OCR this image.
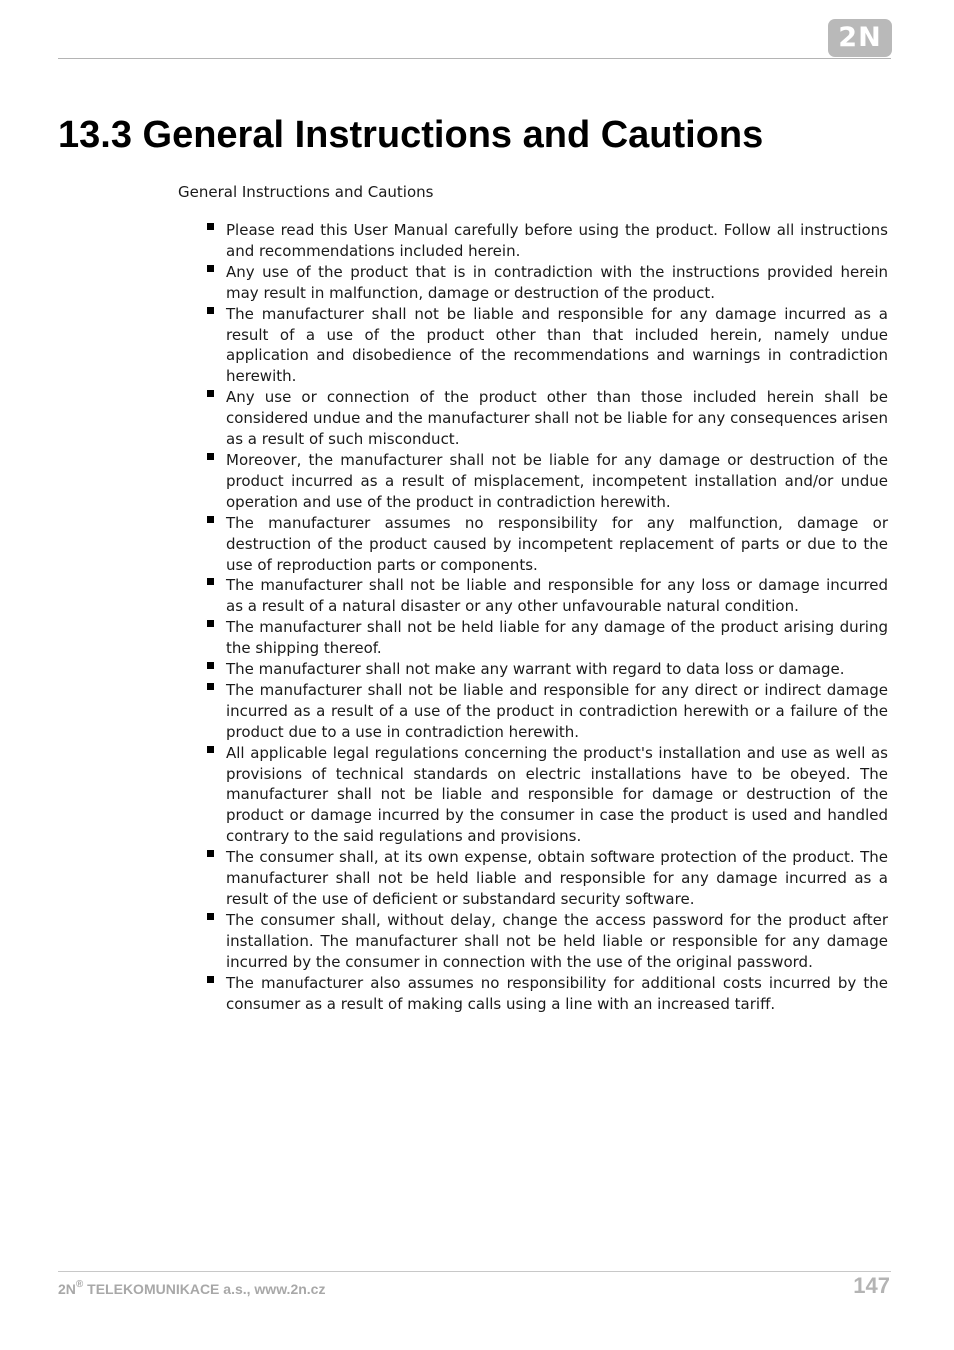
2N
13.3 General Instructions and Cautions

General Instructions and Cautions

Please read this User Manual carefully before using the product. Follow all instructions and recommendations included herein.
Any use of the product that is in contradiction with the instructions provided herein may result in malfunction, damage or destruction of the product.
The manufacturer shall not be liable and responsible for any damage incurred as a result of a use of the product other than that included herein, namely undue application and disobedience of the recommendations and warnings in contradiction herewith.
Any use or connection of the product other than those included herein shall be considered undue and the manufacturer shall not be liable for any consequences arisen as a result of such misconduct.
Moreover, the manufacturer shall not be liable for any damage or destruction of the product incurred as a result of misplacement, incompetent installation and/or undue operation and use of the product in contradiction herewith.
The manufacturer assumes no responsibility for any malfunction, damage or destruction of the product caused by incompetent replacement of parts or due to the use of reproduction parts or components.
The manufacturer shall not be liable and responsible for any loss or damage incurred as a result of a natural disaster or any other unfavourable natural condition.
The manufacturer shall not be held liable for any damage of the product arising during the shipping thereof.
The manufacturer shall not make any warrant with regard to data loss or damage.
The manufacturer shall not be liable and responsible for any direct or indirect damage incurred as a result of a use of the product in contradiction herewith or a failure of the product due to a use in contradiction herewith.
All applicable legal regulations concerning the product's installation and use as well as provisions of technical standards on electric installations have to be obeyed. The manufacturer shall not be liable and responsible for damage or destruction of the product or damage incurred by the consumer in case the product is used and handled contrary to the said regulations and provisions.
The consumer shall, at its own expense, obtain software protection of the product. The manufacturer shall not be held liable and responsible for any damage incurred as a result of the use of deficient or substandard security software.
The consumer shall, without delay, change the access password for the product after installation. The manufacturer shall not be held liable or responsible for any damage incurred by the consumer in connection with the use of the original password.
The manufacturer also assumes no responsibility for additional costs incurred by the consumer as a result of making calls using a line with an increased tariff.
2N® TELEKOMUNIKACE a.s., www.2n.cz	147
